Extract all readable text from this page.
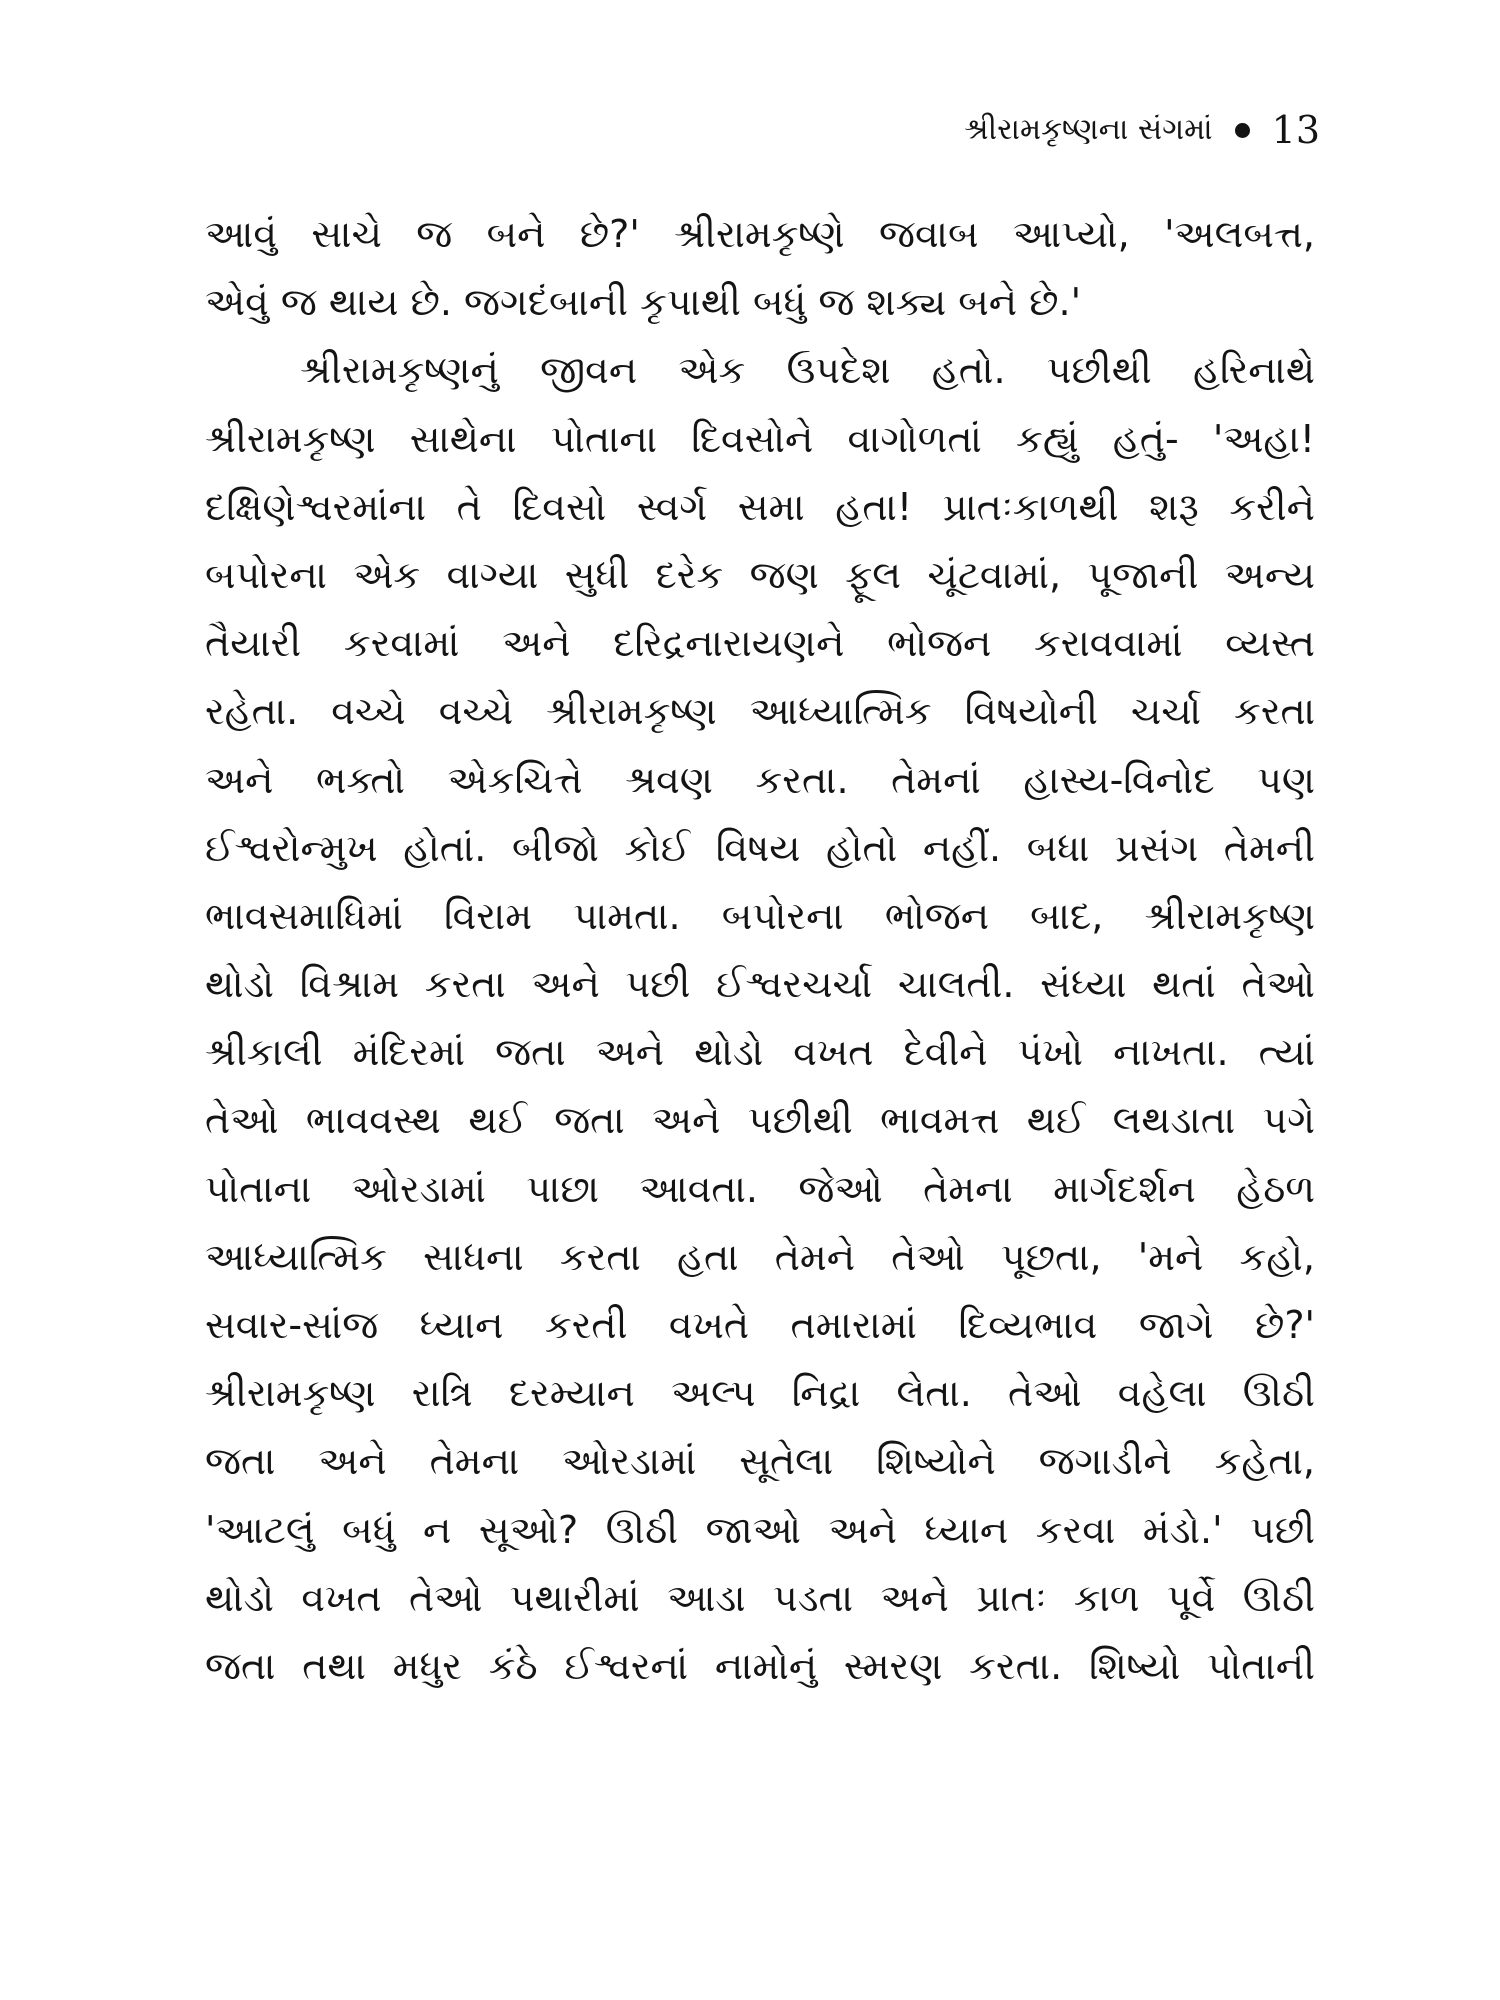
શ્રીરામકૃષ્ણના સંગમાં 13
આવું સાચે જ બને છે?' શ્રીરામકૃષ્ણે જવાબ આપ્યો, 'અલબત્ત,
એવું જ થાય છે. જગદંબાની કૃપાથી બધું જ શક્ય બને છે.'
શ્રીરામકૃષ્ણનું જીવન એક ઉપદેશ હતો. પછીથી હરિનાથે
શ્રીરામકૃષ્ણ સાથેના પોતાના દિવસોને વાગોળતાં કહ્યું હતું- 'અહા!
દક્ષિણેશ્વરમાંના તે દિવસો સ્વર્ગ સમા હતા! પ્રાતઃકાળથી શરૂ કરીને
બપોરના એક વાગ્યા સુધી દરેક જણ ફૂલ ચૂંટવામાં, પૂજાની અન્ય
તૈયારી કરવામાં અને દરિદ્રનારાયણને ભોજન કરાવવામાં વ્યસ્ત
રહેતા. વચ્ચે વચ્ચે શ્રીરામકૃષ્ણ આધ્યાત્મિક વિષયોની ચર્ચા કરતા
અને ભક્તો એકચિત્તે શ્રવણ કરતા. તેમનાં હાસ્ય-વિનોદ પણ
ઈશ્વરોન્મુખ હોતાં. બીજો કોઈ વિષય હોતો નહીં. બધા પ્રસંગ તેમની
ભાવસમાધિમાં વિરામ પામતા. બપોરના ભોજન બાદ, શ્રીરામકૃષ્ણ
થોડો વિશ્રામ કરતા અને પછી ઈશ્વરચર્ચા ચાલતી. સંધ્યા થતાં તેઓ
શ્રીકાલી મંદિરમાં જતા અને થોડો વખત દેવીને પંખો નાખતા. ત્યાં
તેઓ ભાવવસ્થ થઈ જતા અને પછીથી ભાવમત્ત થઈ લથડાતા પગે
પોતાના ઓરડામાં પાછા આવતા. જેઓ તેમના માર્ગદર્શન હેઠળ
આધ્યાત્મિક સાધના કરતા હતા તેમને તેઓ પૂછતા, 'મને કહો,
સવાર-સાંજ ધ્યાન કરતી વખતે તમારામાં દિવ્યભાવ જાગે છે?'
શ્રીરામકૃષ્ણ રાત્રિ દરમ્યાન અલ્પ નિદ્રા લેતા. તેઓ વહેલા ઊઠી
જતા અને તેમના ઓરડામાં સૂતેલા શિષ્યોને જગાડીને કહેતા,
'આટલું બધું ન સૂઓ? ઊઠી જાઓ અને ધ્યાન કરવા મંડો.' પછી
થોડો વખત તેઓ પથારીમાં આડા પડતા અને પ્રાતઃ કાળ પૂર્વે ઊઠી
જતા તથા મધુર કંઠે ઈશ્વરનાં નામોનું સ્મરણ કરતા. શિષ્યો પોતાની
